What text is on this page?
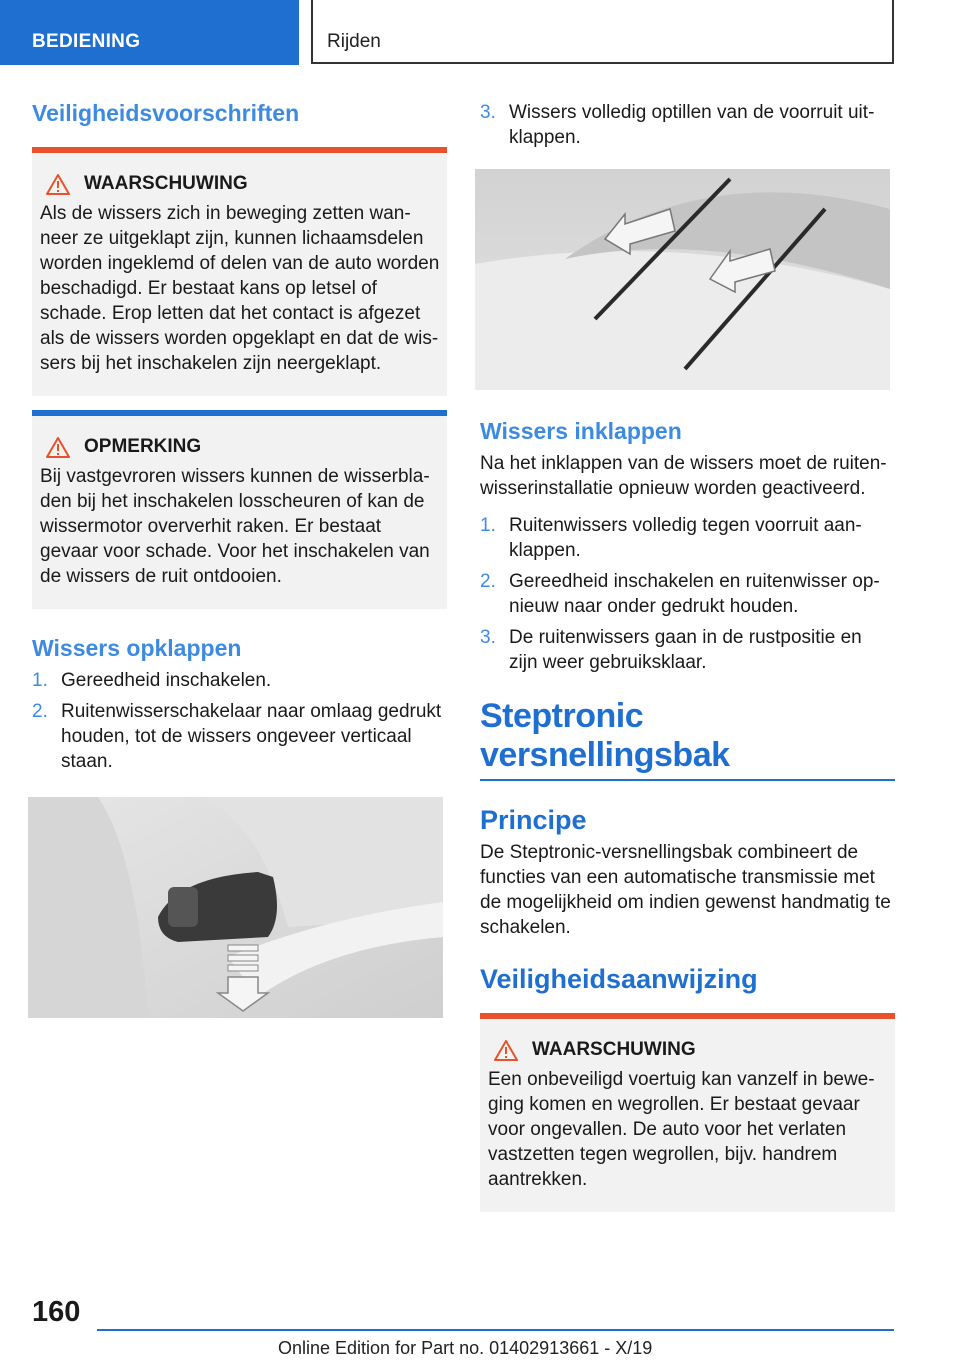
BEDIENING	Rijden
Veiligheidsvoorschriften
WAARSCHUWING

Als de wissers zich in beweging zetten wanneer ze uitgeklapt zijn, kunnen lichaamsdelen worden ingeklemd of delen van de auto worden beschadigd. Er bestaat kans op letsel of schade. Erop letten dat het contact is afgezet als de wissers worden opgeklapt en dat de wissers bij het inschakelen zijn neergeklapt.

OPMERKING

Bij vastgevroren wissers kunnen de wisserbladen bij het inschakelen losscheuren of kan de wissermotor oververhit raken. Er bestaat gevaar voor schade. Voor het inschakelen van de wissers de ruit ontdooien.

Wissers opklappen
1. Gereedheid inschakelen.
2. Ruitenwisserschakelaar naar omlaag gedrukt houden, tot de wissers ongeveer verticaal staan.
3. Wissers volledig optillen van de voorruit uitklappen.
Wissers inklappen

Na het inklappen van de wissers moet de ruitenwisserinstallatie opnieuw worden geactiveerd.

1. Ruitenwissers volledig tegen voorruit aanklappen.
2. Gereedheid inschakelen en ruitenwisser opnieuw naar onder gedrukt houden.
3. De ruitenwissers gaan in de rustpositie en zijn weer gebruiksklaar.
Steptronic versnellingsbak
Principe

De Steptronic-versnellingsbak combineert de functies van een automatische transmissie met de mogelijkheid om indien gewenst handmatig te schakelen.

Veiligheidsaanwijzing
WAARSCHUWING

Een onbeveiligd voertuig kan vanzelf in beweging komen en wegrollen. Er bestaat gevaar voor ongevallen. De auto voor het verlaten vastzetten tegen wegrollen, bijv. handrem aantrekken.

160
Online Edition for Part no. 01402913661 - X/19
